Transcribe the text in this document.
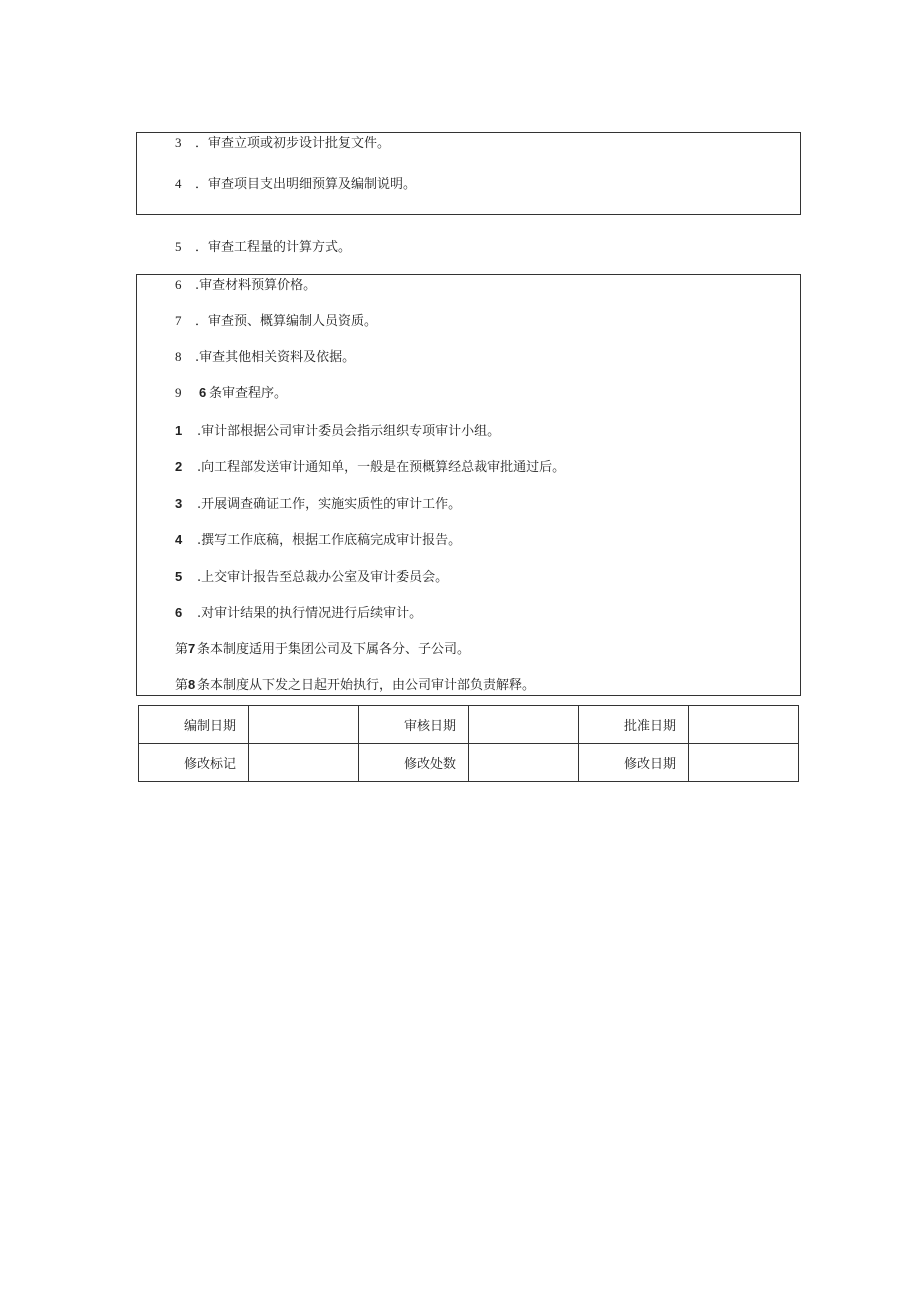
3 ．审查立项或初步设计批复文件。
4 ．审查项目支出明细预算及编制说明。
5 ．审查工程量的计算方式。
6 .审查材料预算价格。
7 ．审查预、概算编制人员资质。
8 .审查其他相关资料及依据。
9 6 条审查程序。
1 .审计部根据公司审计委员会指示组织专项审计小组。
2 .向工程部发送审计通知单，一般是在预概算经总裁审批通过后。
3 .开展调查确证工作，实施实质性的审计工作。
4 .撰写工作底稿，根据工作底稿完成审计报告。
5 .上交审计报告至总裁办公室及审计委员会。
6 .对审计结果的执行情况进行后续审计。
第7 条本制度适用于集团公司及下属各分、子公司。
第8 条本制度从下发之日起开始执行，由公司审计部负责解释。
编制日期		审核日期		批准日期	
修改标记		修改处数		修改日期	
